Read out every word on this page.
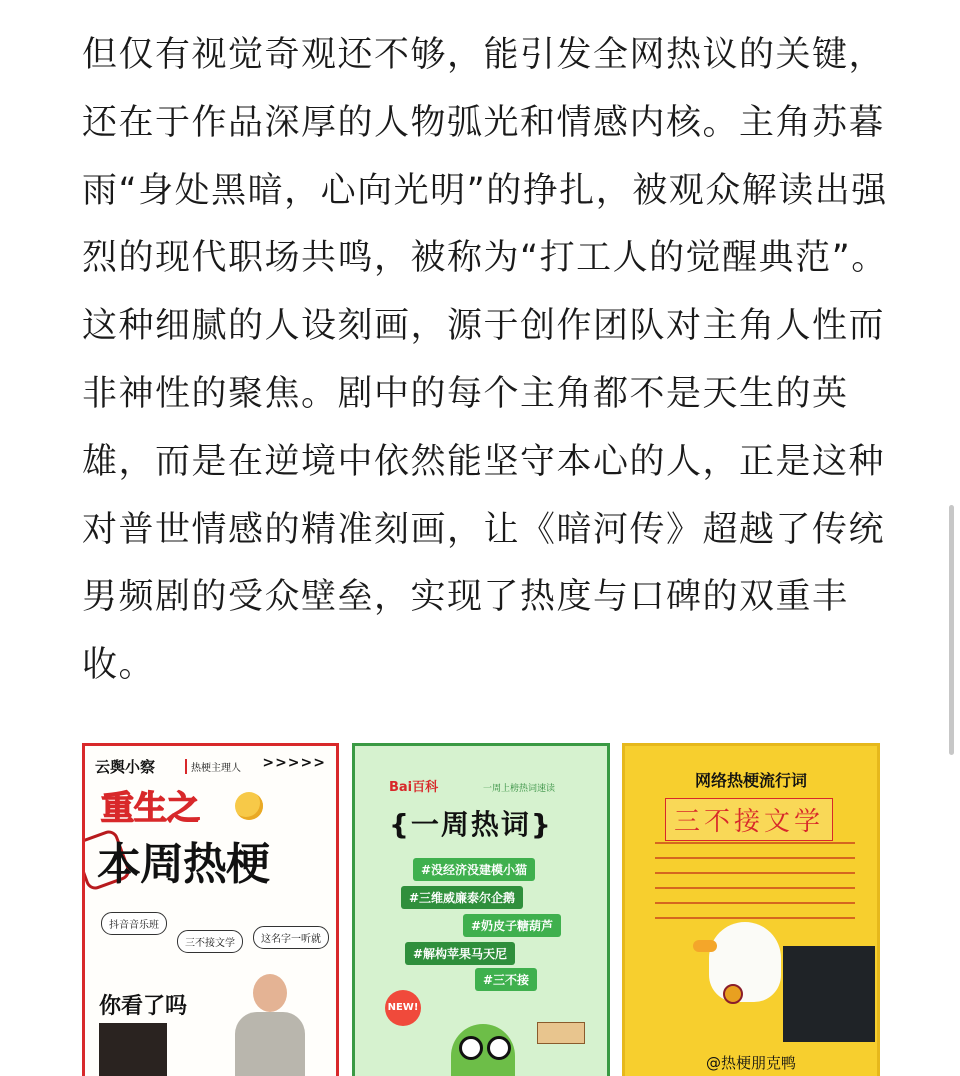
但仅有视觉奇观还不够，能引发全网热议的关键，
还在于作品深厚的人物弧光和情感内核。主角苏暮
雨“身处黑暗，心向光明”的挣扎，被观众解读出强
烈的现代职场共鸣，被称为“打工人的觉醒典范”。
这种细腻的人设刻画，源于创作团队对主角人性而
非神性的聚焦。剧中的每个主角都不是天生的英
雄，而是在逆境中依然能坚守本心的人，正是这种
对普世情感的精准刻画，让《暗河传》超越了传统
男频剧的受众壁垒，实现了热度与口碑的双重丰
收。
云舆小察	热梗主理人 >>>>>
重生之
本周热梗
抖音音乐班
三不接文学	这名字一听就
你看了吗
Bai百科	一周上榜热词速读
{一周热词}
#没经济没建模小猫
#三维威廉泰尔企鹅
#奶皮子糖葫芦
#解构苹果马天尼
#三不接
NEW!
网络热梗流行词
三不接文学
@热梗朋克鸭
